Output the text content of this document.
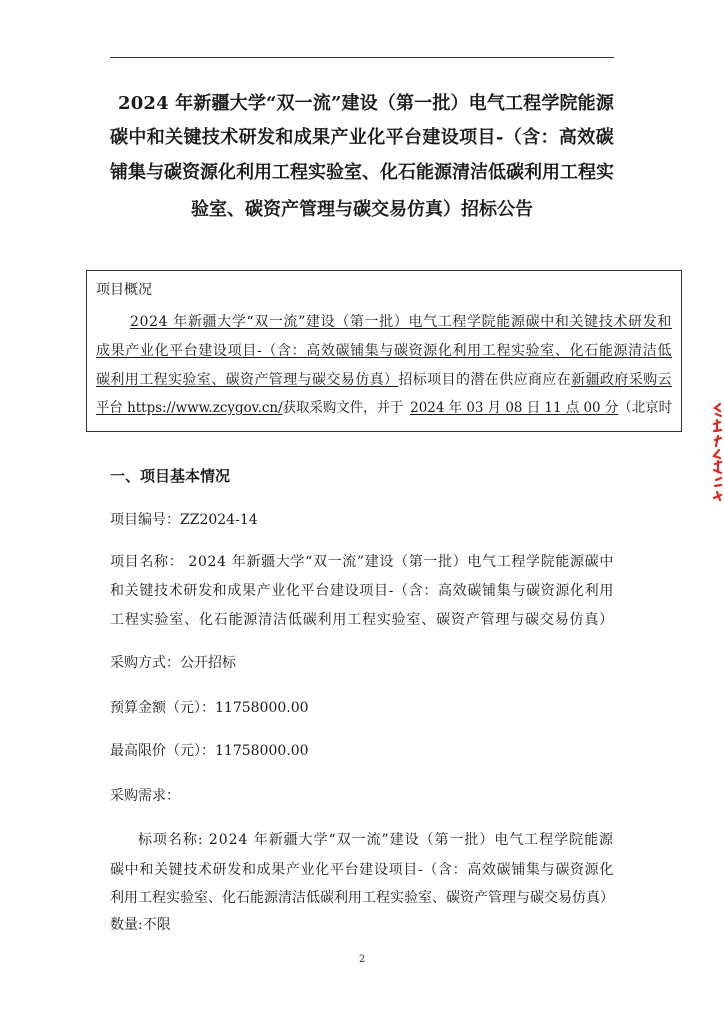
2024 年新疆大学“双一流”建设（第一批）电气工程学院能源
碳中和关键技术研发和成果产业化平台建设项目-（含：高效碳
铺集与碳资源化利用工程实验室、化石能源清洁低碳利用工程实
验室、碳资产管理与碳交易仿真）招标公告
项目概况
2024 年新疆大学“双一流”建设（第一批）电气工程学院能源碳中和关键技术研发和
成果产业化平台建设项目-（含：高效碳铺集与碳资源化利用工程实验室、化石能源清洁低
碳利用工程实验室、碳资产管理与碳交易仿真）招标项目的潜在供应商应在新疆政府采购云
平台 https://www.zcygov.cn/获取采购文件，并于 2024 年 03 月 08 日 11 点 00 分（北京时
一、项目基本情况
项目编号：ZZ2024-14
项目名称： 2024 年新疆大学“双一流”建设（第一批）电气工程学院能源碳中
和关键技术研发和成果产业化平台建设项目-（含：高效碳铺集与碳资源化利用
工程实验室、化石能源清洁低碳利用工程实验室、碳资产管理与碳交易仿真）
采购方式：公开招标
预算金额（元）：11758000.00
最高限价（元）：11758000.00
采购需求：
标项名称: 2024 年新疆大学“双一流”建设（第一批）电气工程学院能源
碳中和关键技术研发和成果产业化平台建设项目-（含：高效碳铺集与碳资源化
利用工程实验室、化石能源清洁低碳利用工程实验室、碳资产管理与碳交易仿真）
数量:不限
2
